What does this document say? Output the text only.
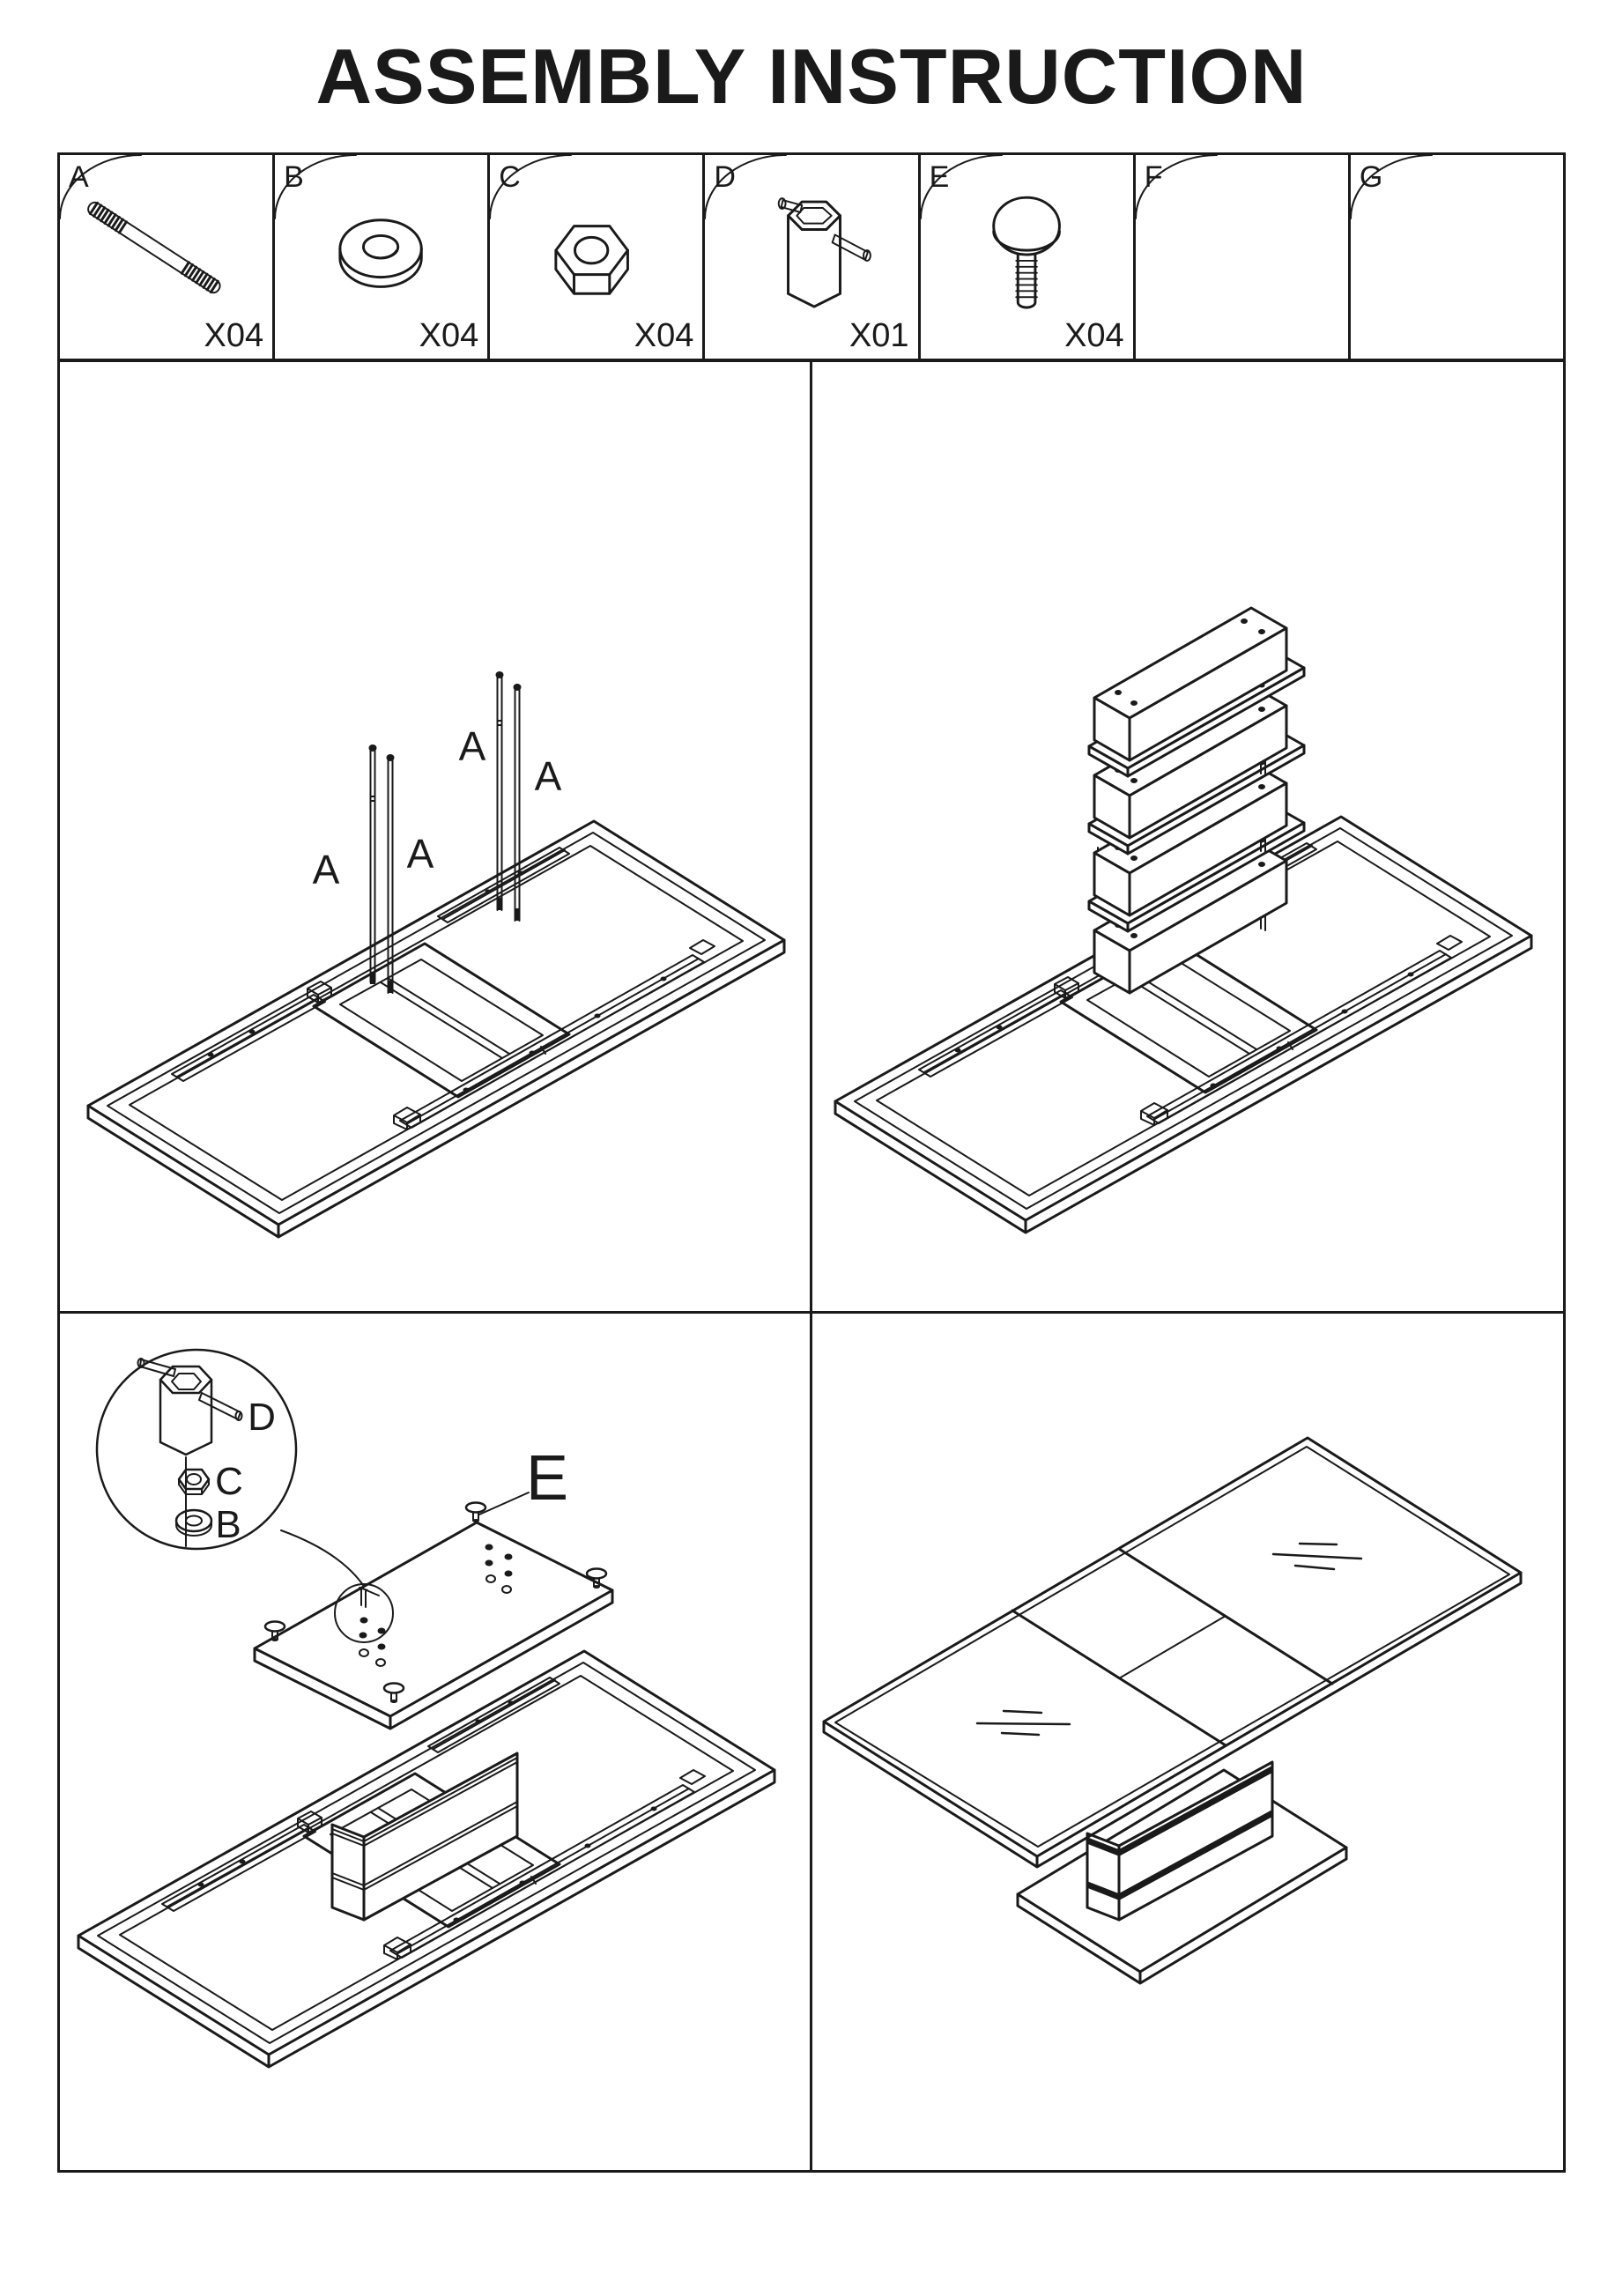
ASSEMBLY INSTRUCTION
A
X04
B
X04
C
X04
D
X01
E
X04
F	G
A
A
A
A
D
C
B
E
